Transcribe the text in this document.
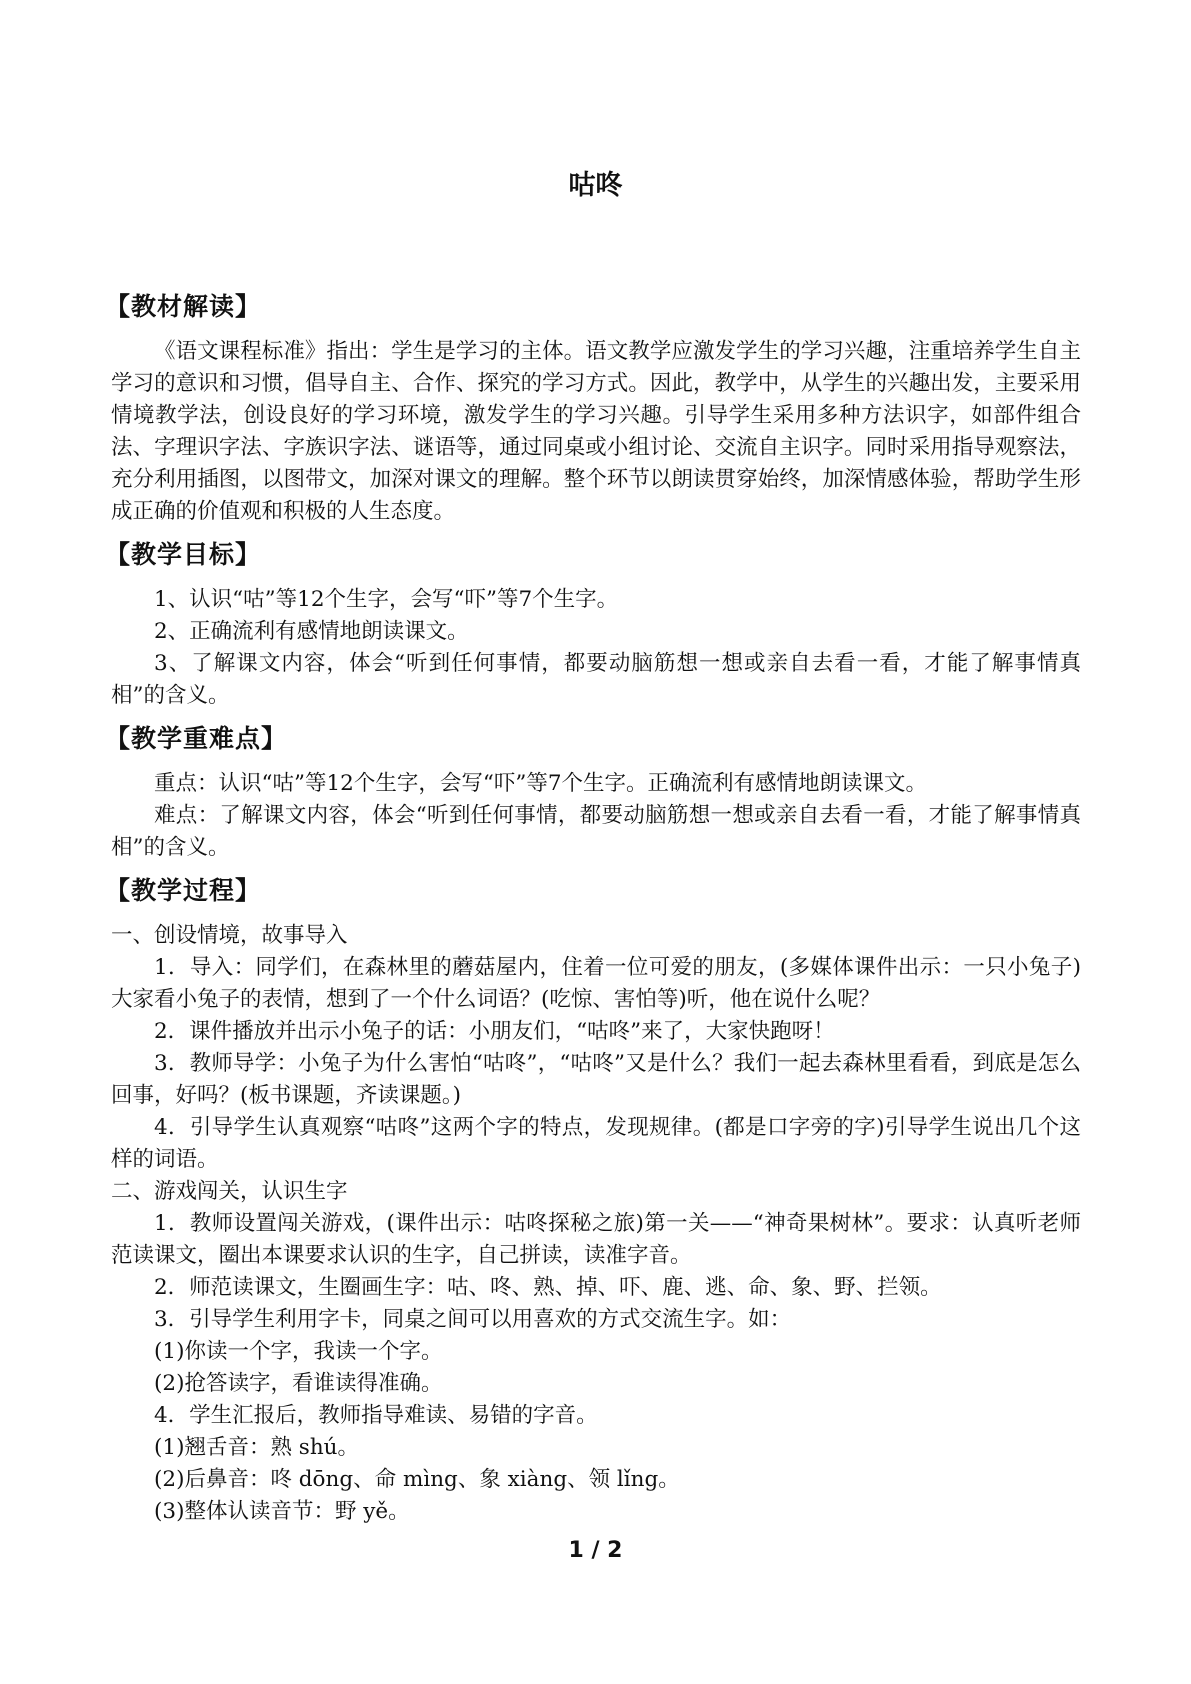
咕咚
【教材解读】

《语文课程标准》指出：学生是学习的主体。语文教学应激发学生的学习兴趣，注重培养学生自主学习的意识和习惯，倡导自主、合作、探究的学习方式。因此，教学中，从学生的兴趣出发，主要采用情境教学法，创设良好的学习环境，激发学生的学习兴趣。引导学生采用多种方法识字，如部件组合法、字理识字法、字族识字法、谜语等，通过同桌或小组讨论、交流自主识字。同时采用指导观察法，充分利用插图，以图带文，加深对课文的理解。整个环节以朗读贯穿始终，加深情感体验，帮助学生形成正确的价值观和积极的人生态度。

【教学目标】

1、认识“咕”等12个生字，会写“吓”等7个生字。

2、正确流利有感情地朗读课文。

3、了解课文内容，体会“听到任何事情，都要动脑筋想一想或亲自去看一看，才能了解事情真相”的含义。

【教学重难点】

重点：认识“咕”等12个生字，会写“吓”等7个生字。正确流利有感情地朗读课文。

难点：了解课文内容，体会“听到任何事情，都要动脑筋想一想或亲自去看一看，才能了解事情真相”的含义。

【教学过程】

一、创设情境，故事导入

1．导入：同学们，在森林里的蘑菇屋内，住着一位可爱的朋友，(多媒体课件出示：一只小兔子)大家看小兔子的表情，想到了一个什么词语？(吃惊、害怕等)听，他在说什么呢？

2．课件播放并出示小兔子的话：小朋友们，“咕咚”来了，大家快跑呀！

3．教师导学：小兔子为什么害怕“咕咚”，“咕咚”又是什么？我们一起去森林里看看，到底是怎么回事，好吗？(板书课题，齐读课题。)

4．引导学生认真观察“咕咚”这两个字的特点，发现规律。(都是口字旁的字)引导学生说出几个这样的词语。

二、游戏闯关，认识生字

1．教师设置闯关游戏，(课件出示：咕咚探秘之旅)第一关——“神奇果树林”。要求：认真听老师范读课文，圈出本课要求认识的生字，自己拼读，读准字音。

2．师范读课文，生圈画生字：咕、咚、熟、掉、吓、鹿、逃、命、象、野、拦领。

3．引导学生利用字卡，同桌之间可以用喜欢的方式交流生字。如：

(1)你读一个字，我读一个字。

(2)抢答读字，看谁读得准确。

4．学生汇报后，教师指导难读、易错的字音。

(1)翘舌音：熟 shú。

(2)后鼻音：咚 dōng、命 mìng、象 xiàng、领 lǐng。

(3)整体认读音节：野 yě。

1 / 2
